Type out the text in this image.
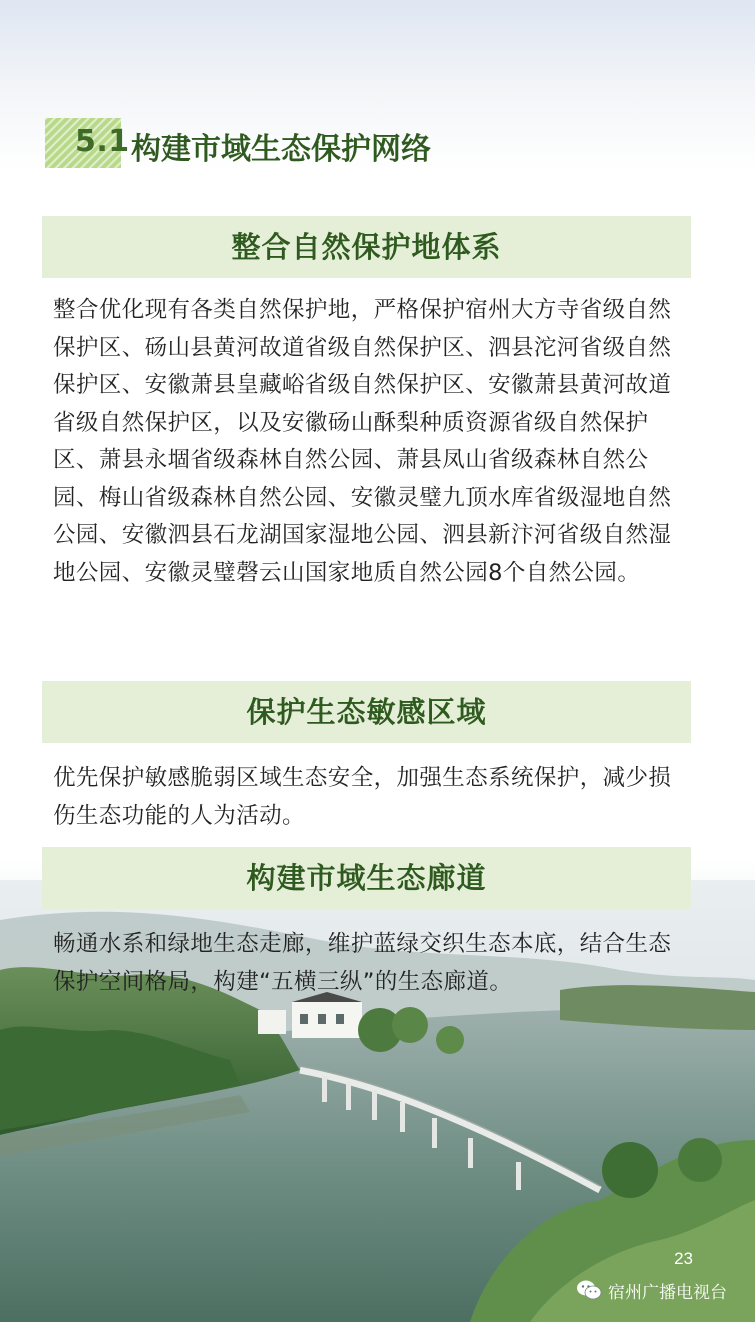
5.1 构建市域生态保护网络
整合自然保护地体系
整合优化现有各类自然保护地，严格保护宿州大方寺省级自然保护区、砀山县黄河故道省级自然保护区、泗县沱河省级自然保护区、安徽萧县皇藏峪省级自然保护区、安徽萧县黄河故道省级自然保护区，以及安徽砀山酥梨种质资源省级自然保护区、萧县永堌省级森林自然公园、萧县凤山省级森林自然公园、梅山省级森林自然公园、安徽灵璧九顶水库省级湿地自然公园、安徽泗县石龙湖国家湿地公园、泗县新汴河省级自然湿地公园、安徽灵璧磬云山国家地质自然公园8个自然公园。
保护生态敏感区域
优先保护敏感脆弱区域生态安全，加强生态系统保护，减少损伤生态功能的人为活动。
构建市域生态廊道
畅通水系和绿地生态走廊，维护蓝绿交织生态本底，结合生态保护空间格局，构建“五横三纵”的生态廊道。
23
宿州广播电视台
